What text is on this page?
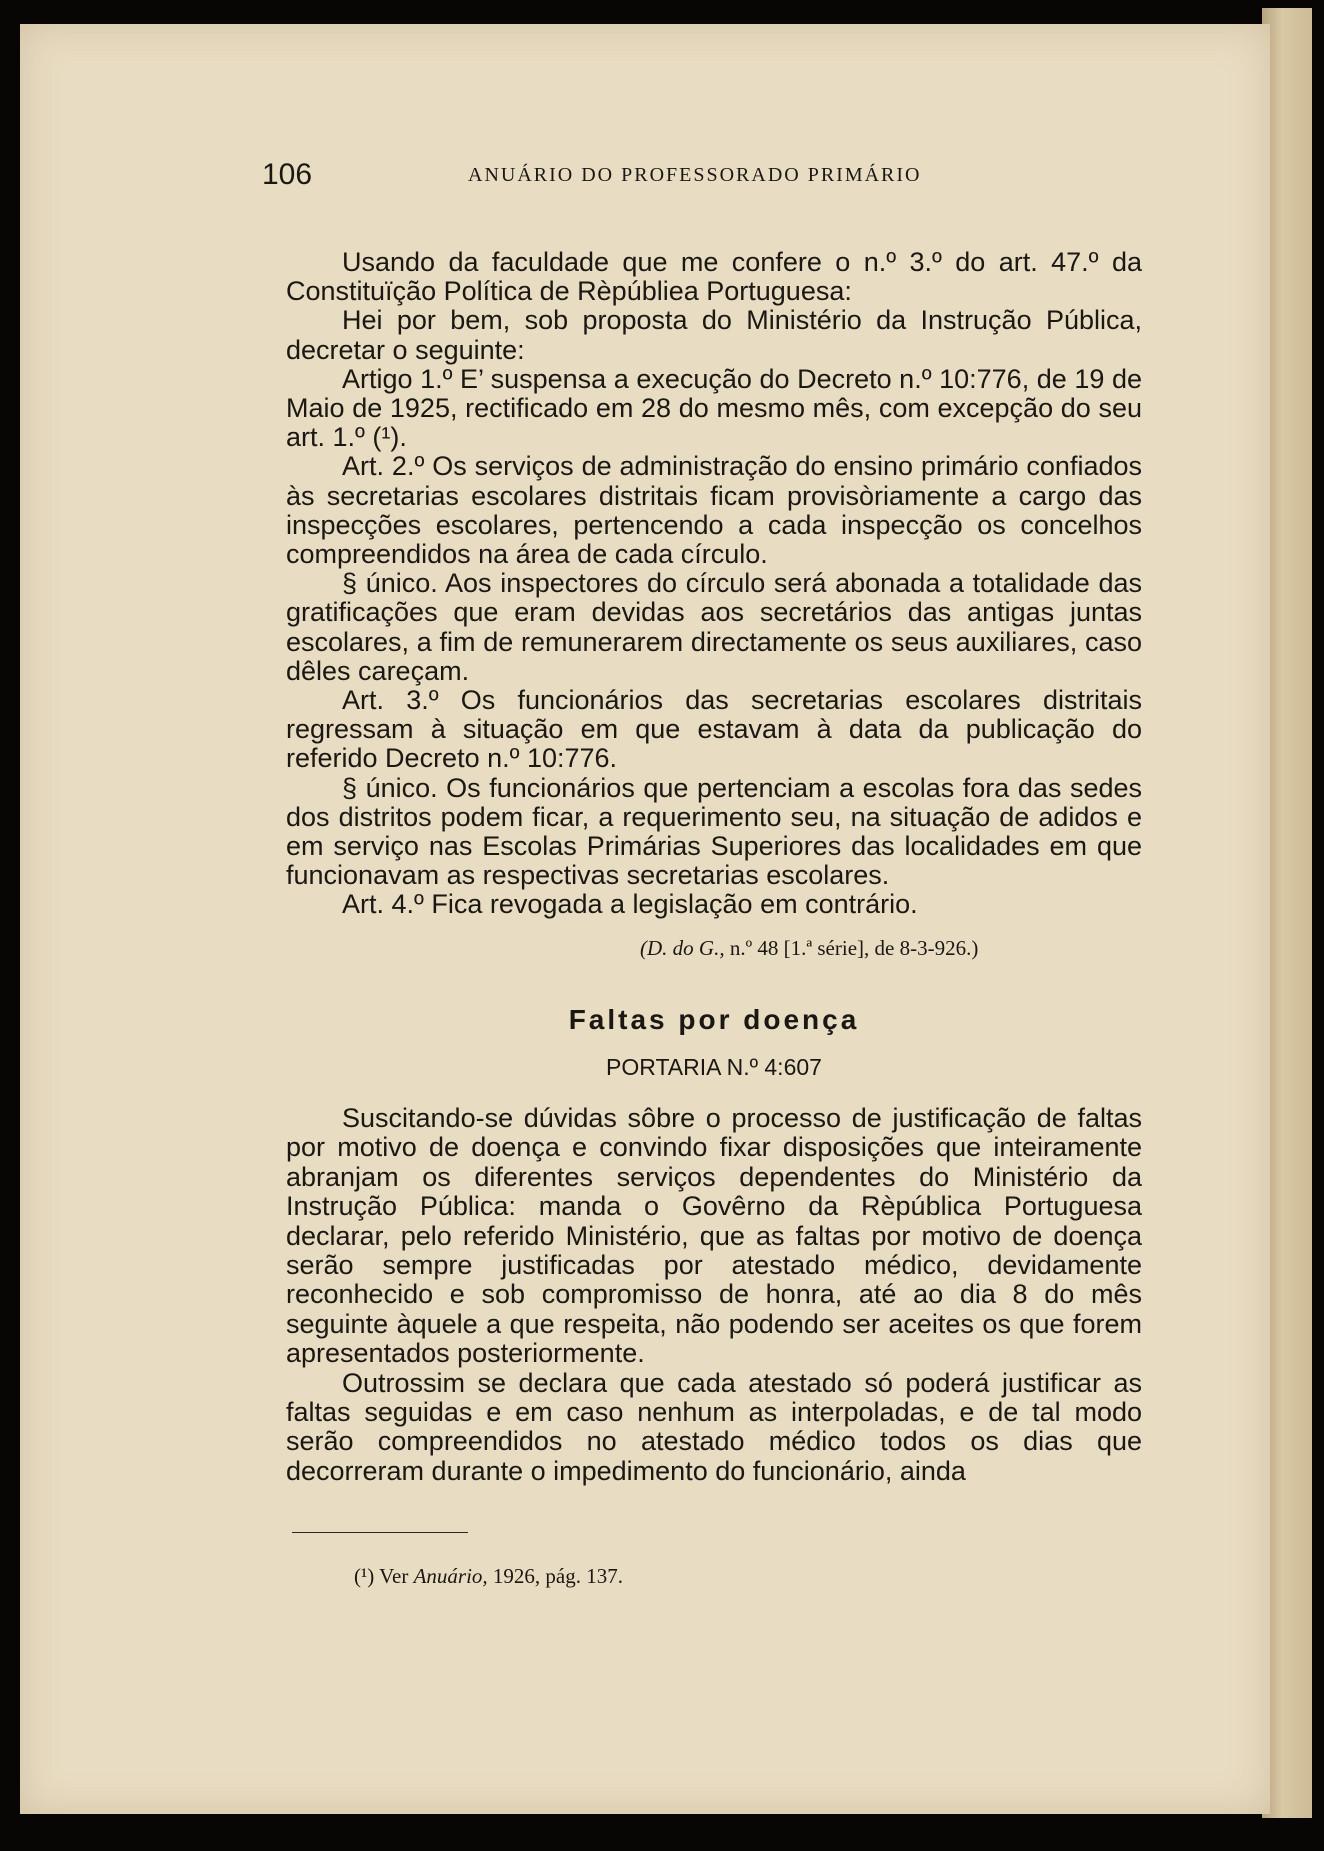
106	ANUÁRIO DO PROFESSORADO PRIMÁRIO

Usando da faculdade que me confere o n.º 3.º do art. 47.º da Constituïção Política de Rèpúbliea Portuguesa:

Hei por bem, sob proposta do Ministério da Instrução Pública, decretar o seguinte:

Artigo 1.º E’ suspensa a execução do Decreto n.º 10:776, de 19 de Maio de 1925, rectificado em 28 do mesmo mês, com excepção do seu art. 1.º (¹).

Art. 2.º Os serviços de administração do ensino primário confiados às secretarias escolares distritais ficam provisòriamente a cargo das inspecções escolares, pertencendo a cada inspecção os concelhos compreendidos na área de cada círculo.

§ único. Aos inspectores do círculo será abonada a totalidade das gratificações que eram devidas aos secretários das antigas juntas escolares, a fim de remunerarem directamente os seus auxiliares, caso dêles careçam.

Art. 3.º Os funcionários das secretarias escolares distritais regressam à situação em que estavam à data da publicação do referido Decreto n.º 10:776.

§ único. Os funcionários que pertenciam a escolas fora das sedes dos distritos podem ficar, a requerimento seu, na situação de adidos e em serviço nas Escolas Primárias Superiores das localidades em que funcionavam as respectivas secretarias escolares.

Art. 4.º Fica revogada a legislação em contrário.

(D. do G., n.º 48 [1.ª série], de 8-3-926.)
Faltas por doença
PORTARIA N.º 4:607

Suscitando-se dúvidas sôbre o processo de justificação de faltas por motivo de doença e convindo fixar disposições que inteiramente abranjam os diferentes serviços dependentes do Ministério da Instrução Pública: manda o Govêrno da Rèpública Portuguesa declarar, pelo referido Ministério, que as faltas por motivo de doença serão sempre justificadas por atestado médico, devidamente reconhecido e sob compromisso de honra, até ao dia 8 do mês seguinte àquele a que respeita, não podendo ser aceites os que forem apresentados posteriormente.

Outrossim se declara que cada atestado só poderá justificar as faltas seguidas e em caso nenhum as interpoladas, e de tal modo serão compreendidos no atestado médico todos os dias que decorreram durante o impedimento do funcionário, ainda

(¹) Ver Anuário, 1926, pág. 137.
